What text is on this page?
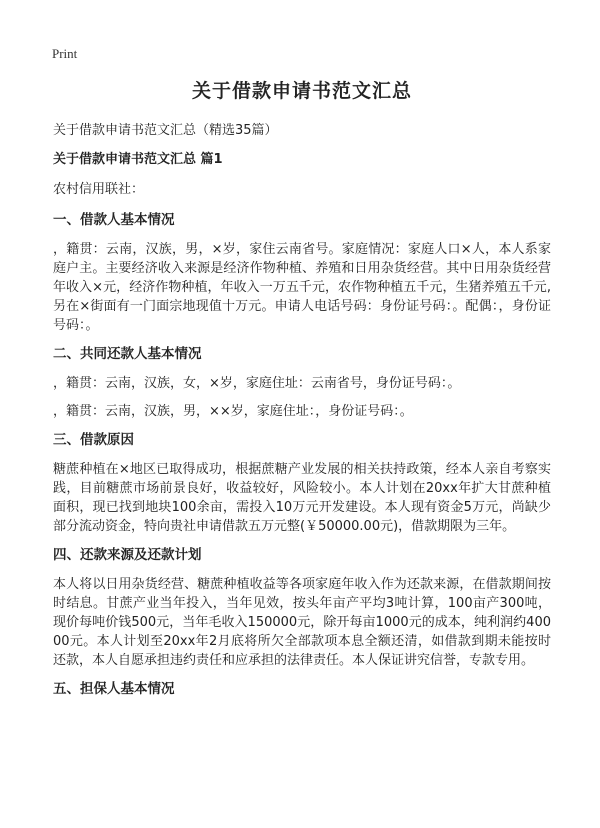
Print
关于借款申请书范文汇总
关于借款申请书范文汇总（精选35篇）
关于借款申请书范文汇总 篇1
农村信用联社：
一、借款人基本情况

，籍贯：云南，汉族，男，×岁，家住云南省号。家庭情况：家庭人口×人，本人系家庭户主。主要经济收入来源是经济作物种植、养殖和日用杂货经营。其中日用杂货经营年收入×元，经济作物种植，年收入一万五千元，农作物种植五千元，生猪养殖五千元,另在×街面有一门面宗地现值十万元。申请人电话号码：身份证号码：。配偶：，身份证号码：。

二、共同还款人基本情况

，籍贯：云南，汉族，女，×岁，家庭住址：云南省号，身份证号码：。

，籍贯：云南，汉族，男，××岁，家庭住址：，身份证号码：。

三、借款原因

糖蔗种植在×地区已取得成功，根据蔗糖产业发展的相关扶持政策，经本人亲自考察实践，目前糖蔗市场前景良好，收益较好，风险较小。本人计划在20xx年扩大甘蔗种植面积，现已找到地块100余亩，需投入10万元开发建设。本人现有资金5万元，尚缺少部分流动资金，特向贵社申请借款五万元整(￥50000.00元)，借款期限为三年。

四、还款来源及还款计划

本人将以日用杂货经营、糖蔗种植收益等各项家庭年收入作为还款来源，在借款期间按时结息。甘蔗产业当年投入，当年见效，按头年亩产平均3吨计算，100亩产300吨，现价每吨价钱500元，当年毛收入150000元，除开每亩1000元的成本，纯利润约40000元。本人计划至20xx年2月底将所欠全部款项本息全额还清，如借款到期未能按时还款，本人自愿承担违约责任和应承担的法律责任。本人保证讲究信誉，专款专用。

五、担保人基本情况
